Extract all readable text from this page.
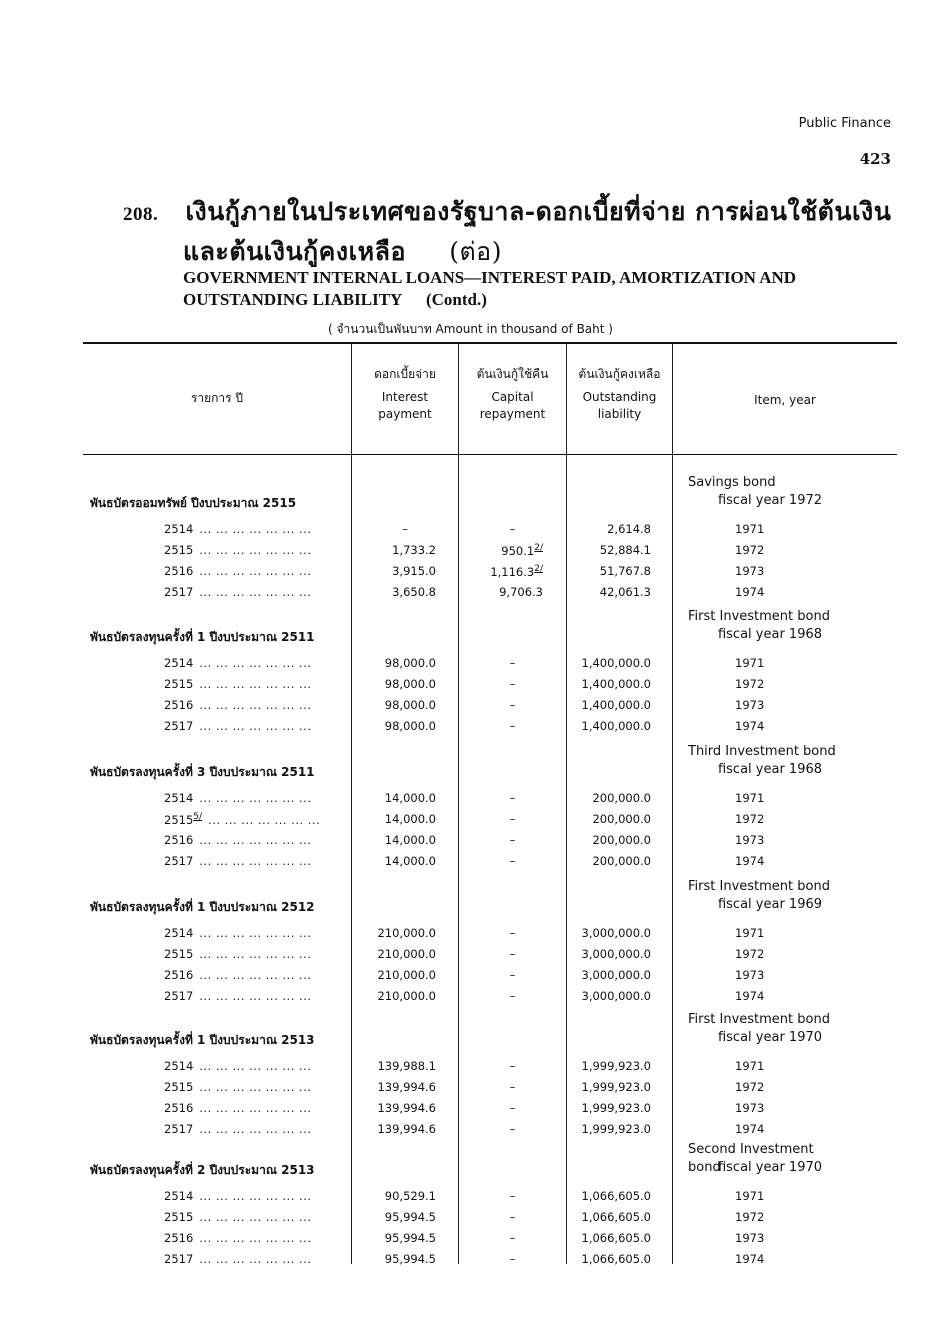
Public Finance
423
208. เงินกู้ภายในประเทศของรัฐบาล-ดอกเบี้ยที่จ่าย การผ่อนใช้ต้นเงิน
และต้นเงินกู้คงเหลือ (ต่อ)
GOVERNMENT INTERNAL LOANS—INTEREST PAID, AMORTIZATION AND
OUTSTANDING LIABILITY (Contd.)
( จำนวนเป็นพันบาท Amount in thousand of Baht )
รายการ ปี
ดอกเบี้ยจ่าย
Interest
payment
ต้นเงินกู้ใช้คืน
Capital
repayment
ต้นเงินกู้คงเหลือ
Outstanding
liability
Item, year
พันธบัตรออมทรัพย์ ปีงบประมาณ 2515
Savings bond
fiscal year 1972
2514 ... ... ... ... ... ... ...	–	–	2,614.8	1971
2515 ... ... ... ... ... ... ...	1,733.2	$950.1^{2/}$	52,884.1	1972
2516 ... ... ... ... ... ... ...	3,915.0	$1,116.3^{2/}$	51,767.8	1973
2517 ... ... ... ... ... ... ...	3,650.8	9,706.3	42,061.3	1974
พันธบัตรลงทุนครั้งที่ 1 ปีงบประมาณ 2511
First Investment bond
fiscal year 1968
2514 ... ... ... ... ... ... ...	98,000.0	–	1,400,000.0	1971
2515 ... ... ... ... ... ... ...	98,000.0	–	1,400,000.0	1972
2516 ... ... ... ... ... ... ...	98,000.0	–	1,400,000.0	1973
2517 ... ... ... ... ... ... ...	98,000.0	–	1,400,000.0	1974
พันธบัตรลงทุนครั้งที่ 3 ปีงบประมาณ 2511
Third Investment bond
fiscal year 1968
2514 ... ... ... ... ... ... ...	14,000.0	–	200,000.0	1971
$2515^{5/}$ ... ... ... ... ... ... ...	14,000.0	–	200,000.0	1972
2516 ... ... ... ... ... ... ...	14,000.0	–	200,000.0	1973
2517 ... ... ... ... ... ... ...	14,000.0	–	200,000.0	1974
พันธบัตรลงทุนครั้งที่ 1 ปีงบประมาณ 2512
First Investment bond
fiscal year 1969
2514 ... ... ... ... ... ... ...	210,000.0	–	3,000,000.0	1971
2515 ... ... ... ... ... ... ...	210,000.0	–	3,000,000.0	1972
2516 ... ... ... ... ... ... ...	210,000.0	–	3,000,000.0	1973
2517 ... ... ... ... ... ... ...	210,000.0	–	3,000,000.0	1974
พันธบัตรลงทุนครั้งที่ 1 ปีงบประมาณ 2513
First Investment bond
fiscal year 1970
2514 ... ... ... ... ... ... ...	139,988.1	–	1,999,923.0	1971
2515 ... ... ... ... ... ... ...	139,994.6	–	1,999,923.0	1972
2516 ... ... ... ... ... ... ...	139,994.6	–	1,999,923.0	1973
2517 ... ... ... ... ... ... ...	139,994.6	–	1,999,923.0	1974
พันธบัตรลงทุนครั้งที่ 2 ปีงบประมาณ 2513
Second Investment bond
fiscal year 1970
2514 ... ... ... ... ... ... ...	90,529.1	–	1,066,605.0	1971
2515 ... ... ... ... ... ... ...	95,994.5	–	1,066,605.0	1972
2516 ... ... ... ... ... ... ...	95,994.5	–	1,066,605.0	1973
2517 ... ... ... ... ... ... ...	95,994.5	–	1,066,605.0	1974
